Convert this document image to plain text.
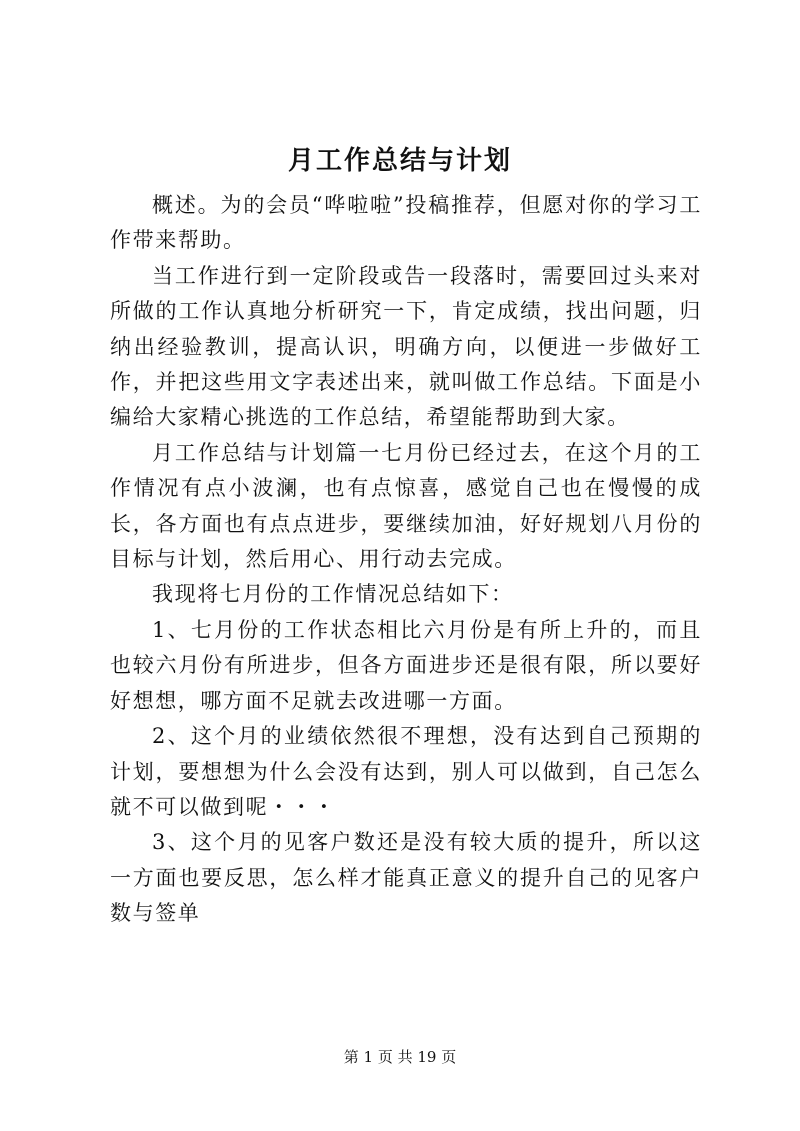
月工作总结与计划

概述。为的会员“哗啦啦”投稿推荐，但愿对你的学习工作带来帮助。

当工作进行到一定阶段或告一段落时，需要回过头来对所做的工作认真地分析研究一下，肯定成绩，找出问题，归纳出经验教训，提高认识，明确方向，以便进一步做好工作，并把这些用文字表述出来，就叫做工作总结。下面是小编给大家精心挑选的工作总结，希望能帮助到大家。

月工作总结与计划篇一七月份已经过去，在这个月的工作情况有点小波澜，也有点惊喜，感觉自己也在慢慢的成长，各方面也有点点进步，要继续加油，好好规划八月份的目标与计划，然后用心、用行动去完成。

我现将七月份的工作情况总结如下：

1、七月份的工作状态相比六月份是有所上升的，而且也较六月份有所进步，但各方面进步还是很有限，所以要好好想想，哪方面不足就去改进哪一方面。

2、这个月的业绩依然很不理想，没有达到自己预期的计划，要想想为什么会没有达到，别人可以做到，自己怎么就不可以做到呢・・・

3、这个月的见客户数还是没有较大质的提升，所以这一方面也要反思，怎么样才能真正意义的提升自己的见客户数与签单

第 1 页 共 19 页
